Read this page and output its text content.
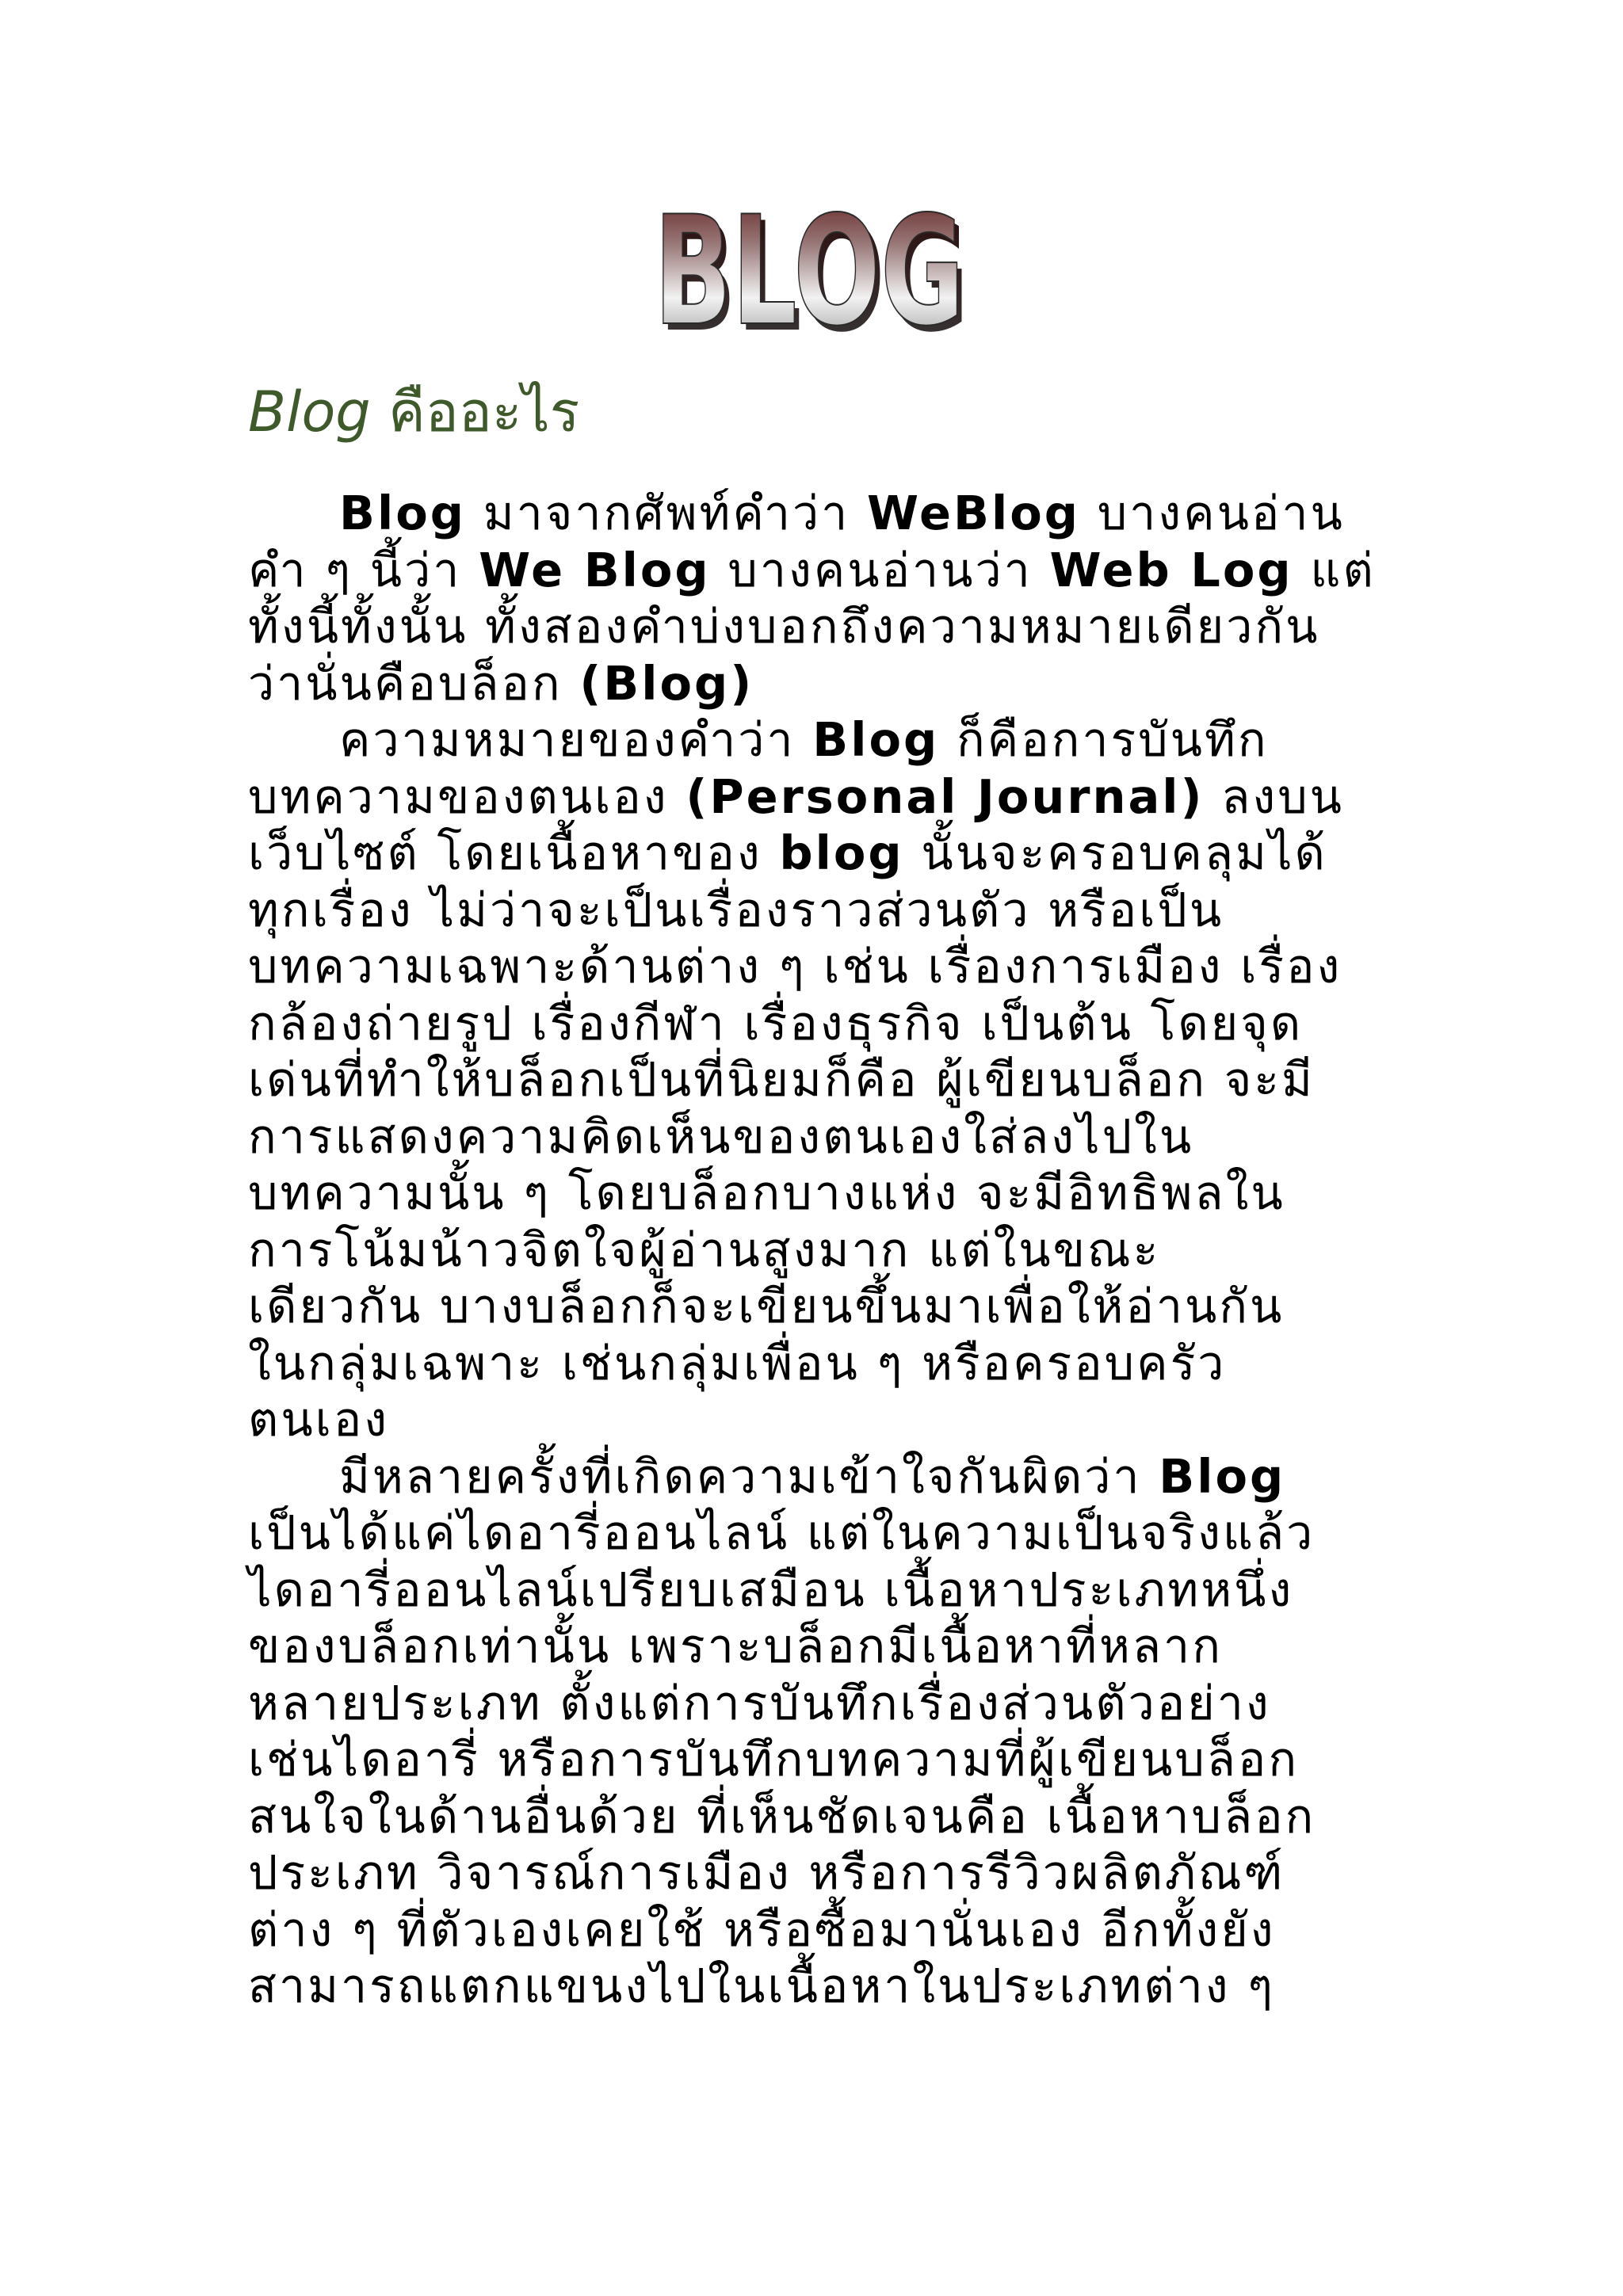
BLOG
BLOG
Blog คืออะไร
Blog มาจากศัพท์คำว่า WeBlog บางคนอ่าน
คำ ๆ นี้ว่า We Blog บางคนอ่านว่า Web Log แต่
ทั้งนี้ทั้งนั้น ทั้งสองคำบ่งบอกถึงความหมายเดียวกัน
ว่านั่นคือบล็อก (Blog)
ความหมายของคำว่า Blog ก็คือการบันทึก
บทความของตนเอง (Personal Journal) ลงบน
เว็บไซต์ โดยเนื้อหาของ blog นั้นจะครอบคลุมได้
ทุกเรื่อง ไม่ว่าจะเป็นเรื่องราวส่วนตัว หรือเป็น
บทความเฉพาะด้านต่าง ๆ เช่น เรื่องการเมือง เรื่อง
กล้องถ่ายรูป เรื่องกีฬา เรื่องธุรกิจ เป็นต้น โดยจุด
เด่นที่ทำให้บล็อกเป็นที่นิยมก็คือ ผู้เขียนบล็อก จะมี
การแสดงความคิดเห็นของตนเองใส่ลงไปใน
บทความนั้น ๆ โดยบล็อกบางแห่ง จะมีอิทธิพลใน
การโน้มน้าวจิตใจผู้อ่านสูงมาก แต่ในขณะ
เดียวกัน บางบล็อกก็จะเขียนขึ้นมาเพื่อให้อ่านกัน
ในกลุ่มเฉพาะ เช่นกลุ่มเพื่อน ๆ หรือครอบครัว
ตนเอง
มีหลายครั้งที่เกิดความเข้าใจกันผิดว่า Blog
เป็นได้แค่ไดอารี่ออนไลน์ แต่ในความเป็นจริงแล้ว
ไดอารี่ออนไลน์เปรียบเสมือน เนื้อหาประเภทหนึ่ง
ของบล็อกเท่านั้น เพราะบล็อกมีเนื้อหาที่หลาก
หลายประเภท ตั้งแต่การบันทึกเรื่องส่วนตัวอย่าง
เช่นไดอารี่ หรือการบันทึกบทความที่ผู้เขียนบล็อก
สนใจในด้านอื่นด้วย ที่เห็นชัดเจนคือ เนื้อหาบล็อก
ประเภท วิจารณ์การเมือง หรือการรีวิวผลิตภัณฑ์
ต่าง ๆ ที่ตัวเองเคยใช้ หรือซื้อมานั่นเอง อีกทั้งยัง
สามารถแตกแขนงไปในเนื้อหาในประเภทต่าง ๆ
